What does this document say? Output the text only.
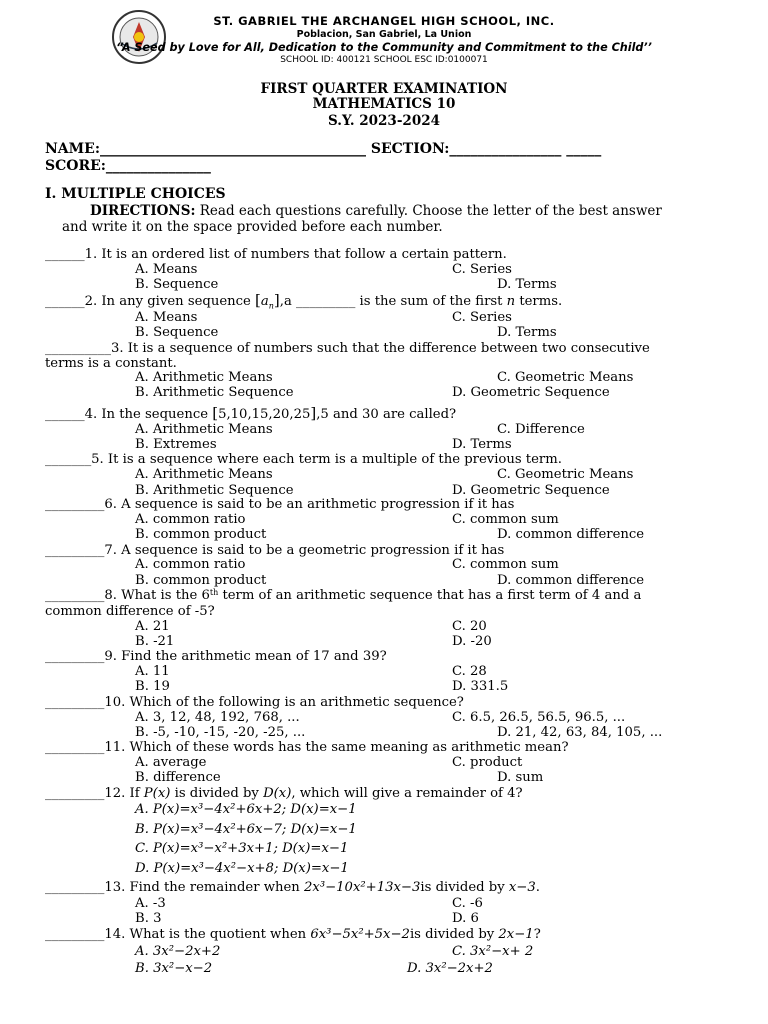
ST. GABRIEL THE ARCHANGEL HIGH SCHOOL, INC.
Poblacion, San Gabriel, La Union
“A Seed by Love for All, Dedication to the Community and Commitment to the Child’’
SCHOOL ID: 400121 SCHOOL ESC ID:0100071
FIRST QUARTER EXAMINATION
MATHEMATICS 10
S.Y. 2023-2024
NAME:______________________________________ SECTION:________________ _____
SCORE:_______________
I. MULTIPLE CHOICES
DIRECTIONS: Read each questions carefully. Choose the letter of the best answer
and write it on the space provided before each number.
______1. It is an ordered list of numbers that follow a certain pattern.
A. Means	C. Series
B. Sequence	D. Terms
______2. In any given sequence $[a_n],a$ _________ is the sum of the first n terms.
A. Means	C. Series
B. Sequence	D. Terms
__________3. It is a sequence of numbers such that the difference between two consecutive
terms is a constant.
A. Arithmetic Means	C. Geometric Means
B. Arithmetic Sequence	D. Geometric Sequence
______4. In the sequence [5,10,15,20,25],5 and 30 are called?
A. Arithmetic Means	C. Difference
B. Extremes	D. Terms
_______5. It is a sequence where each term is a multiple of the previous term.
A. Arithmetic Means	C. Geometric Means
B. Arithmetic Sequence	D. Geometric Sequence
_________6. A sequence is said to be an arithmetic progression if it has
A. common ratio	C. common sum
B. common product	D. common difference
_________7. A sequence is said to be a geometric progression if it has
A. common ratio	C. common sum
B. common product	D. common difference
_________8. What is the 6th term of an arithmetic sequence that has a first term of 4 and a
common difference of -5?
A. 21	C. 20
B. -21	D. -20
_________9. Find the arithmetic mean of 17 and 39?
A. 11	C. 28
B. 19	D. 331.5
_________10. Which of the following is an arithmetic sequence?
A. 3, 12, 48, 192, 768, ...	C. 6.5, 26.5, 56.5, 96.5, ...
B. -5, -10, -15, -20, -25, ...	D. 21, 42, 63, 84, 105, ...
_________11. Which of these words has the same meaning as arithmetic mean?
A. average	C. product
B. difference	D. sum
_________12. If P(x) is divided by D(x), which will give a remainder of 4?
A. P(x)=x³−4x²+6x+2; D(x)=x−1
B. P(x)=x³−4x²+6x−7; D(x)=x−1
C. P(x)=x³−x²+3x+1; D(x)=x−1
D. P(x)=x³−4x²−x+8; D(x)=x−1
_________13. Find the remainder when 2x³−10x²+13x−3is divided by x−3.
A. -3	C. -6
B. 3	D. 6
_________14. What is the quotient when 6x³−5x²+5x−2is divided by 2x−1?
A. 3x²−2x+2	C. 3x²−x+ 2
B. 3x²−x−2	D. 3x²−2x+2
